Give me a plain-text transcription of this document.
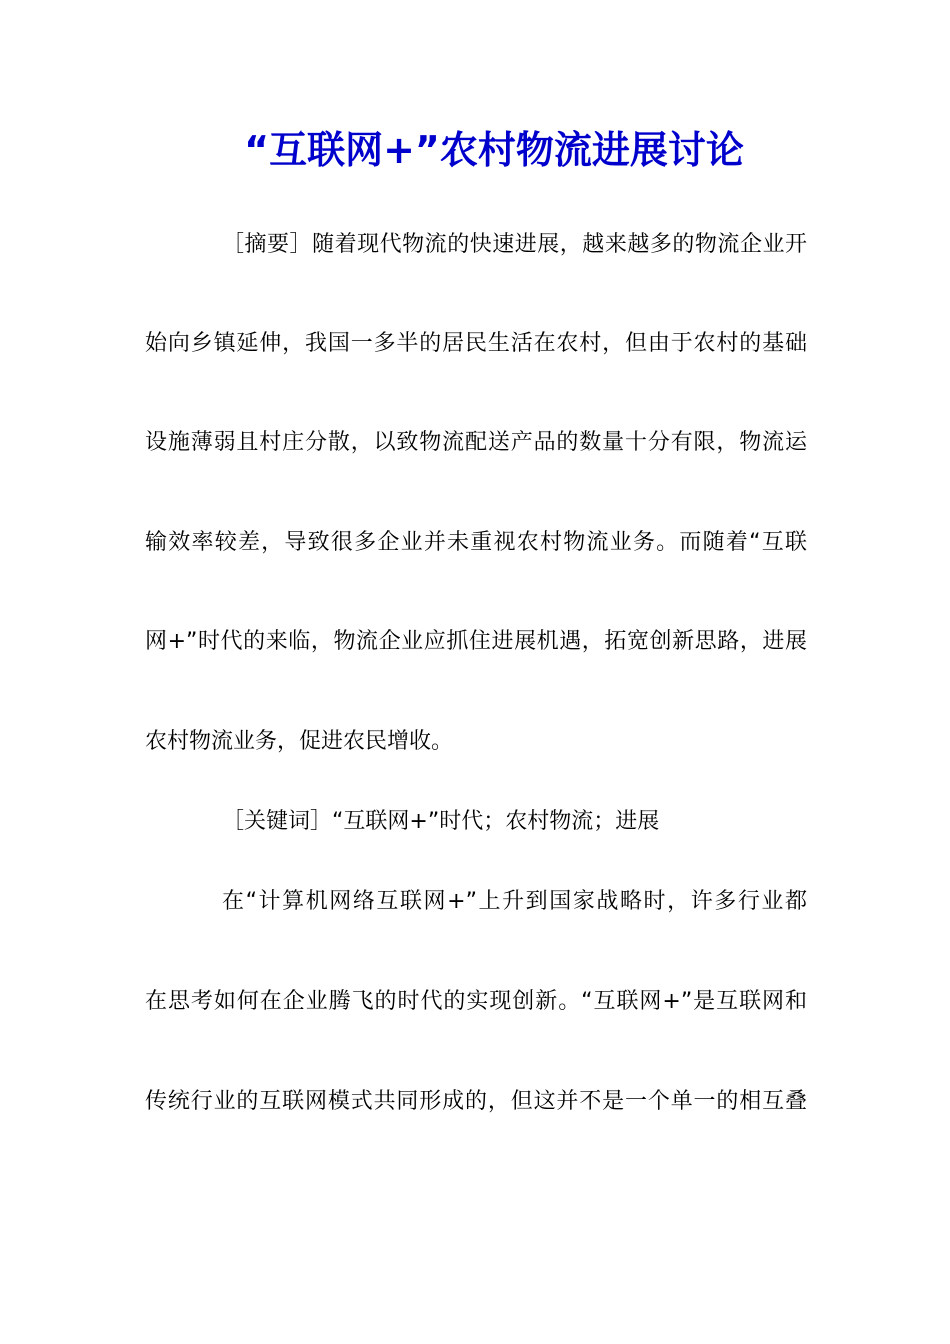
“互联网+”农村物流进展讨论
［摘要］随着现代物流的快速进展，越来越多的物流企业开
始向乡镇延伸，我国一多半的居民生活在农村，但由于农村的基础
设施薄弱且村庄分散，以致物流配送产品的数量十分有限，物流运
输效率较差，导致很多企业并未重视农村物流业务。而随着“互联
网+”时代的来临，物流企业应抓住进展机遇，拓宽创新思路，进展
农村物流业务，促进农民增收。
［关键词］“互联网+”时代；农村物流；进展
在“计算机网络互联网+”上升到国家战略时，许多行业都
在思考如何在企业腾飞的时代的实现创新。“互联网+”是互联网和
传统行业的互联网模式共同形成的，但这并不是一个单一的相互叠
